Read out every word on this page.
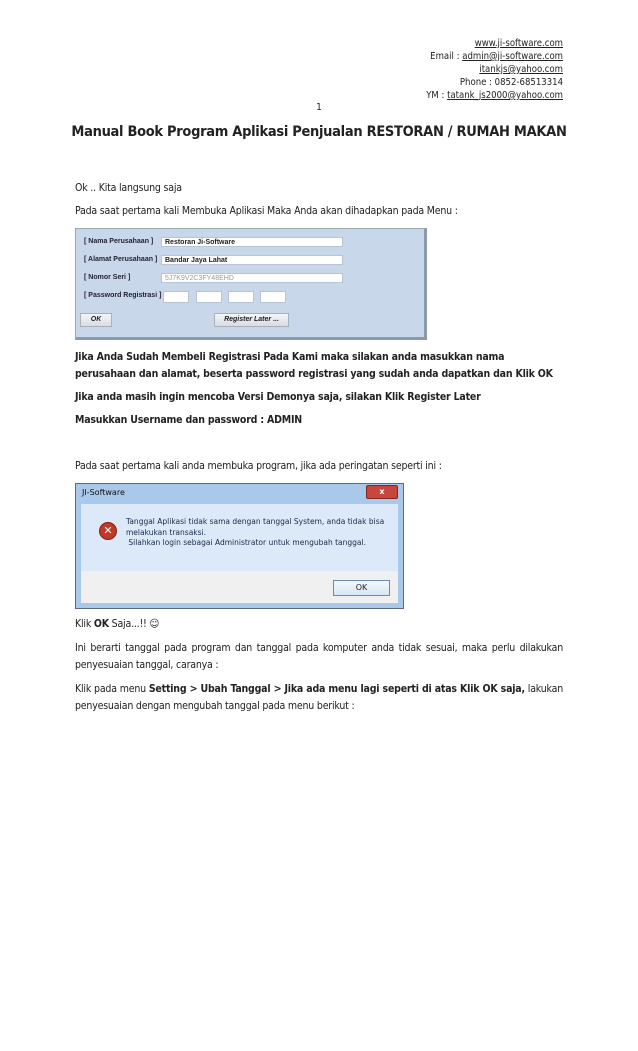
www.ji-software.com
Email : admin@ji-software.com
itankjs@yahoo.com
Phone : 0852-68513314
YM : tatank_js2000@yahoo.com
1
Manual Book Program Aplikasi Penjualan RESTORAN / RUMAH MAKAN
Ok .. Kita langsung saja
Pada saat pertama kali Membuka Aplikasi Maka Anda akan dihadapkan pada Menu :
[ Nama Perusahaan ]	Restoran Ji-Software
[ Alamat Perusahaan ]	Bandar Jaya Lahat
[ Nomor Seri ]	5J7K9V2C3FY48EHD
[ Password Registrasi ]
OK	Register Later ...
Jika Anda Sudah Membeli Registrasi Pada Kami maka silakan anda masukkan nama perusahaan dan alamat, beserta password registrasi yang sudah anda dapatkan dan Klik OK
Jika anda masih ingin mencoba Versi Demonya saja, silakan Klik Register Later
Masukkan Username dan password : ADMIN
Pada saat pertama kali anda membuka program, jika ada peringatan seperti ini :
JI-Software	x
✕
Tanggal Aplikasi tidak sama dengan tanggal System, anda tidak bisa
melakukan transaksi.
Silahkan login sebagai Administrator untuk mengubah tanggal.
OK
Klik OK Saja...!! ☺
Ini berarti tanggal pada program dan tanggal pada komputer anda tidak sesuai, maka perlu dilakukan penyesuaian tanggal, caranya :
Klik pada menu Setting > Ubah Tanggal > Jika ada menu lagi seperti di atas Klik OK saja, lakukan penyesuaian dengan mengubah tanggal pada menu berikut :
